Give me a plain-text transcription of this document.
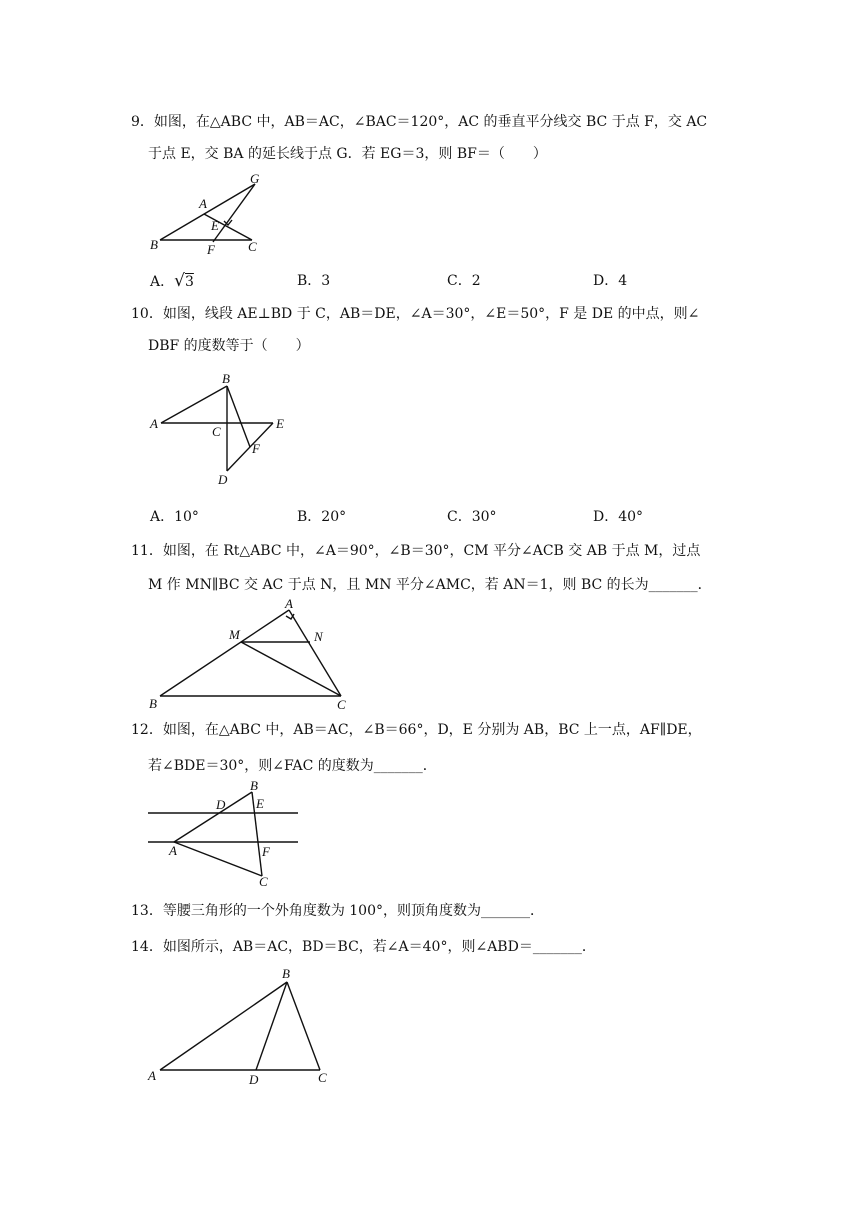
9．如图，在△ABC 中，AB＝AC，∠BAC＝120°，AC 的垂直平分线交 BC 于点 F，交 AC
于点 E，交 BA 的延长线于点 G．若 EG＝3，则 BF＝（　　）
G
A
E
B	F	C
A．√3	B．3	C．2	D．4
10．如图，线段 AE⊥BD 于 C，AB＝DE，∠A＝30°，∠E＝50°，F 是 DE 的中点，则∠
DBF 的度数等于（　　）
B
A
C
E
F
D
A．10°	B．20°	C．30°	D．40°
11．如图，在 Rt△ABC 中，∠A＝90°，∠B＝30°，CM 平分∠ACB 交 AB 于点 M，过点
M 作 MN∥BC 交 AC 于点 N，且 MN 平分∠AMC，若 AN＝1，则 BC 的长为_______．
A
M	N
B	C
12．如图，在△ABC 中，AB＝AC，∠B＝66°，D，E 分别为 AB，BC 上一点，AF∥DE，
若∠BDE＝30°，则∠FAC 的度数为_______．
B
D E
A	F
C
13．等腰三角形的一个外角度数为 100°，则顶角度数为_______．
14．如图所示，AB＝AC，BD＝BC，若∠A＝40°，则∠ABD＝_______．
B
A	D	C
